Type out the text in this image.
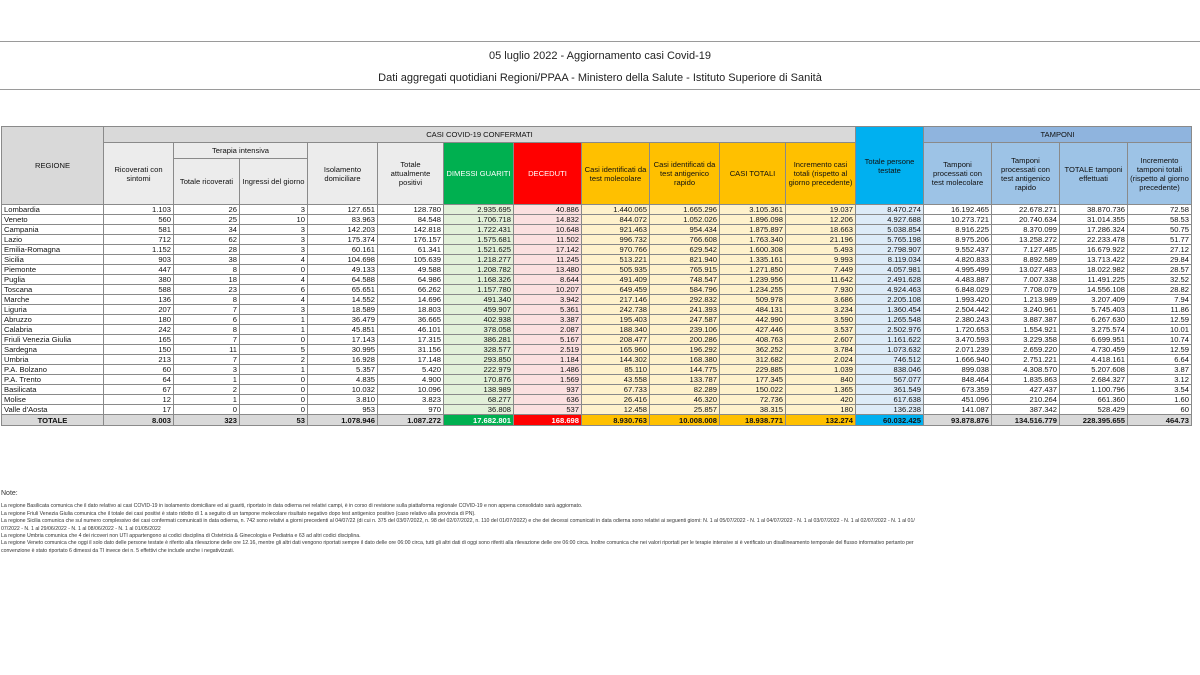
05 luglio 2022 - Aggiornamento casi Covid-19
Dati aggregati quotidiani Regioni/PPAA - Ministero della Salute - Istituto Superiore di Sanità
REGIONE	CASI COVID-19 CONFERMATI											Totale persone testate	TAMPONI			
	Ricoverati con sintomi	Terapia intensiva		Isolamento domiciliare	Totale attualmente positivi	DIMESSI GUARITI	DECEDUTI	Casi identificati da test molecolare	Casi identificati da test antigenico rapido	CASI TOTALI	Incremento casi totali (rispetto al giorno precedente)		Tamponi processati con test molecolare	Tamponi processati con test antigenico rapido	TOTALE tamponi effettuati	Incremento tamponi totali (rispetto al giorno precedente)
		Totale ricoverati	Ingressi del giorno													
Lombardia	1.103	26	3	127.651	128.780	2.935.695	40.886	1.440.065	1.665.296	3.105.361	19.037	8.470.274	16.192.465	22.678.271	38.870.736	72.58
Veneto	560	25	10	83.963	84.548	1.706.718	14.832	844.072	1.052.026	1.896.098	12.206	4.927.688	10.273.721	20.740.634	31.014.355	58.53
Campania	581	34	3	142.203	142.818	1.722.431	10.648	921.463	954.434	1.875.897	18.663	5.038.854	8.916.225	8.370.099	17.286.324	50.75
Lazio	712	62	3	175.374	176.157	1.575.681	11.502	996.732	766.608	1.763.340	21.196	5.765.198	8.975.206	13.258.272	22.233.478	51.77
Emilia-Romagna	1.152	28	3	60.161	61.341	1.521.625	17.142	970.766	629.542	1.600.308	5.493	2.798.907	9.552.437	7.127.485	16.679.922	27.12
Sicilia	903	38	4	104.698	105.639	1.218.277	11.245	513.221	821.940	1.335.161	9.993	8.119.034	4.820.833	8.892.589	13.713.422	29.84
Piemonte	447	8	0	49.133	49.588	1.208.782	13.480	505.935	765.915	1.271.850	7.449	4.057.981	4.995.499	13.027.483	18.022.982	28.57
Puglia	380	18	4	64.588	64.986	1.168.326	8.644	491.409	748.547	1.239.956	11.642	2.491.628	4.483.887	7.007.338	11.491.225	32.52
Toscana	588	23	6	65.651	66.262	1.157.780	10.207	649.459	584.796	1.234.255	7.930	4.924.463	6.848.029	7.708.079	14.556.108	28.82
Marche	136	8	4	14.552	14.696	491.340	3.942	217.146	292.832	509.978	3.686	2.205.108	1.993.420	1.213.989	3.207.409	7.94
Liguria	207	7	3	18.589	18.803	459.907	5.361	242.738	241.393	484.131	3.234	1.360.454	2.504.442	3.240.961	5.745.403	11.86
Abruzzo	180	6	1	36.479	36.665	402.938	3.387	195.403	247.587	442.990	3.590	1.265.548	2.380.243	3.887.387	6.267.630	12.59
Calabria	242	8	1	45.851	46.101	378.058	2.087	188.340	239.106	427.446	3.537	2.502.976	1.720.653	1.554.921	3.275.574	10.01
Friuli Venezia Giulia	165	7	0	17.143	17.315	386.281	5.167	208.477	200.286	408.763	2.607	1.161.622	3.470.593	3.229.358	6.699.951	10.74
Sardegna	150	11	5	30.995	31.156	328.577	2.519	165.960	196.292	362.252	3.784	1.073.632	2.071.239	2.659.220	4.730.459	12.59
Umbria	213	7	2	16.928	17.148	293.850	1.184	144.302	168.380	312.682	2.024	746.512	1.666.940	2.751.221	4.418.161	6.64
P.A. Bolzano	60	3	1	5.357	5.420	222.979	1.486	85.110	144.775	229.885	1.039	838.046	899.038	4.308.570	5.207.608	3.87
P.A. Trento	64	1	0	4.835	4.900	170.876	1.569	43.558	133.787	177.345	840	567.077	848.464	1.835.863	2.684.327	3.12
Basilicata	67	2	0	10.032	10.096	138.989	937	67.733	82.289	150.022	1.365	361.549	673.359	427.437	1.100.796	3.54
Molise	12	1	0	3.810	3.823	68.277	636	26.416	46.320	72.736	420	617.638	451.096	210.264	661.360	1.60
Valle d'Aosta	17	0	0	953	970	36.808	537	12.458	25.857	38.315	180	136.238	141.087	387.342	528.429	60
TOTALE	8.003	323	53	1.078.946	1.087.272	17.682.801	168.698	8.930.763	10.008.008	18.938.771	132.274	60.032.425	93.878.876	134.516.779	228.395.655	464.73
Note:
La regione Basilicata comunica che il dato relativo ai casi COVID-19 in isolamento domiciliare ed ai guariti, riportato in data odierna nei relativi campi, è in corso di revisione sulla piattaforma regionale COVID-19 e non appena consolidato sarà aggiornato.
La regione Friuli Venezia Giulia comunica che il totale dei casi positivi è stato ridotto di 1 a seguito di un tampone molecolare risultato negativo dopo test antigenico positivo (caso relativo alla provincia di PN).
La regione Sicilia comunica che sul numero complessivo dei casi confermati comunicati in data odierna, n. 742 sono relativi a giorni precedenti al 04/07/22 (di cui n. 375 del 03/07/2022, n. 98 del 02/07/2022, n. 110 del 01/07/2022) e che dei decessi comunicati in data odierna sono relativi ai seguenti giorni: N. 1 al 05/07/2022 - N. 1 al 04/07/2022 - N. 1 al 03/07/2022 - N. 1 al 02/07/2022 - N. 1 al 01/
07/2022 - N. 1 al 29/06/2022 - N. 1 al 08/06/2022 - N. 1 al 01/05/2022
La regione Umbria comunica che 4 dei ricoveri non UTI appartengono ai codici disciplina di Ostetricia & Ginecologia e Pediatria e 63 ad altri codici disciplina.
La regione Veneto comunica che oggi il solo dato delle persone testate è riferito alla rilevazione delle ore 12.16, mentre gli altri dati vengono riportati sempre il dato delle ore 06:00 circa, tutti gli altri dati di oggi sono riferiti alla rilevazione delle ore 06:00 circa. Inoltre comunica che nei valori riportati per le terapie intensive si è verificato un disallineamento temporale del flusso informativo pertanto per
convenzione è stato riportato 6 dimessi da TI invece dei n. 5 effettivi che include anche i negativizzati.
